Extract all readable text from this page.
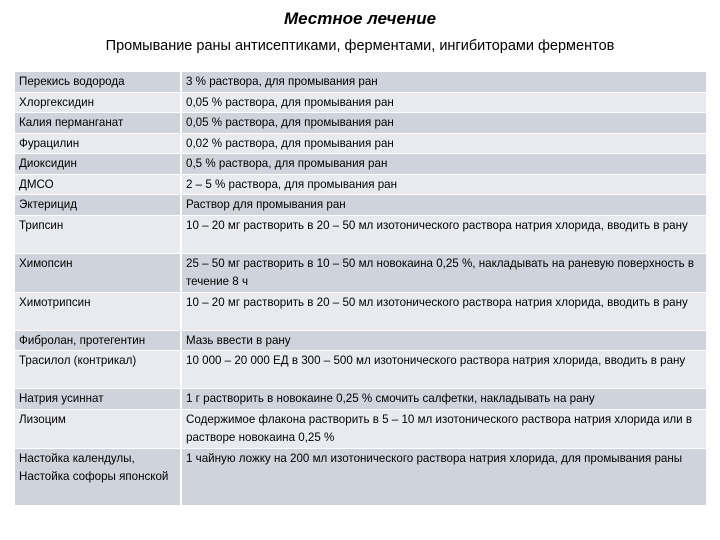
Местное лечение
Промывание раны антисептиками, ферментами, ингибиторами ферментов
Перекись водорода	3 % раствора, для промывания ран
Хлоргексидин	0,05 % раствора, для промывания ран
Калия перманганат	0,05 % раствора, для промывания ран
Фурацилин	0,02 % раствора, для промывания ран
Диоксидин	0,5 % раствора, для промывания ран
ДМСО	2 – 5 % раствора, для промывания ран
Эктерицид	Раствор для промывания ран
Трипсин	10 – 20 мг растворить в 20 – 50 мл изотонического раствора натрия хлорида, вводить в рану
Химопсин	25 – 50 мг растворить в 10 – 50 мл новокаина 0,25 %, накладывать на раневую поверхность в течение 8 ч
Химотрипсин	10 – 20 мг растворить в 20 – 50 мл изотонического раствора натрия хлорида, вводить в рану
Фибролан, протегентин	Мазь ввести в рану
Трасилол (контрикал)	10 000 – 20 000 ЕД в 300 – 500 мл изотонического раствора натрия хлорида, вводить в рану
Натрия усиннат	1 г растворить в новокаине 0,25 % смочить салфетки, накладывать на рану
Лизоцим	Содержимое флакона растворить в 5 – 10 мл изотонического раствора натрия хлорида или в растворе новокаина 0,25 %
Настойка календулы, Настойка софоры японской	1 чайную ложку на 200 мл изотонического раствора натрия хлорида, для промывания раны
